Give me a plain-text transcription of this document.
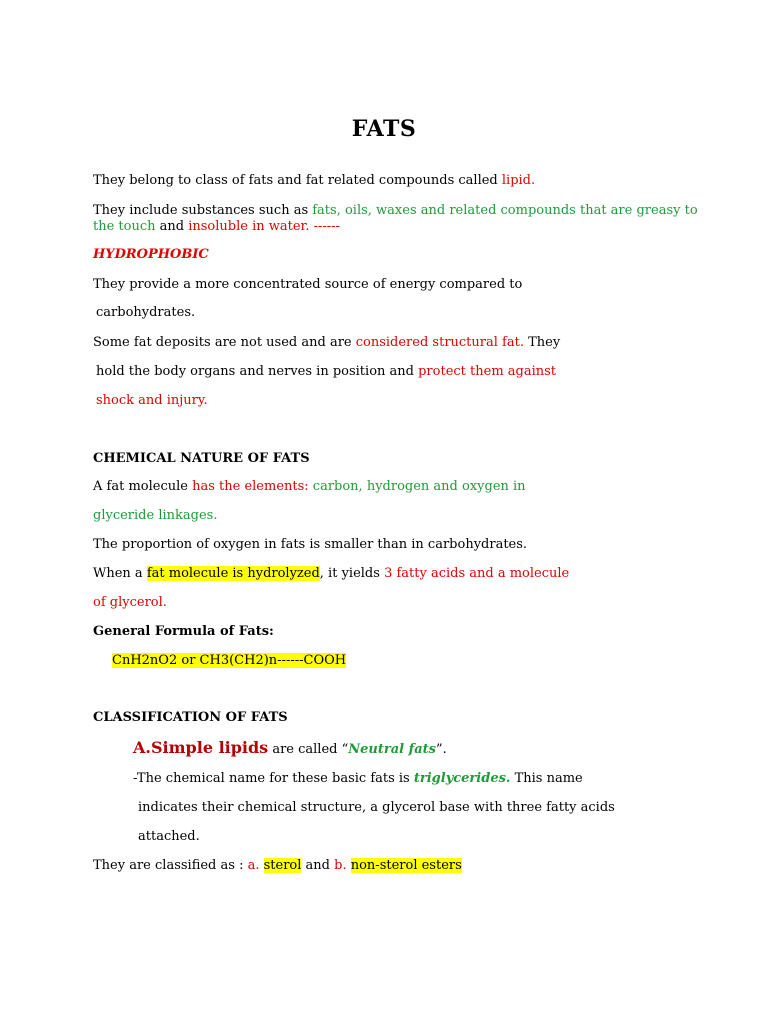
FATS
They belong to class of fats and fat related compounds called lipid.
They include substances such as fats, oils, waxes and related compounds that are greasy to
the touch and insoluble in water. ------
HYDROPHOBIC
They provide a more concentrated source of energy compared to
carbohydrates.
Some fat deposits are not used and are considered structural fat. They
hold the body organs and nerves in position and protect them against
shock and injury.
CHEMICAL NATURE OF FATS
A fat molecule has the elements: carbon, hydrogen and oxygen in
glyceride linkages.
The proportion of oxygen in fats is smaller than in carbohydrates.
When a fat molecule is hydrolyzed, it yields 3 fatty acids and a molecule
of glycerol.
General Formula of Fats:
CnH2nO2 or CH3(CH2)n------COOH
CLASSIFICATION OF FATS
A.Simple lipids are called “Neutral fats”.
-The chemical name for these basic fats is triglycerides. This name
indicates their chemical structure, a glycerol base with three fatty acids
attached.
They are classified as : a. sterol and b. non-sterol esters
